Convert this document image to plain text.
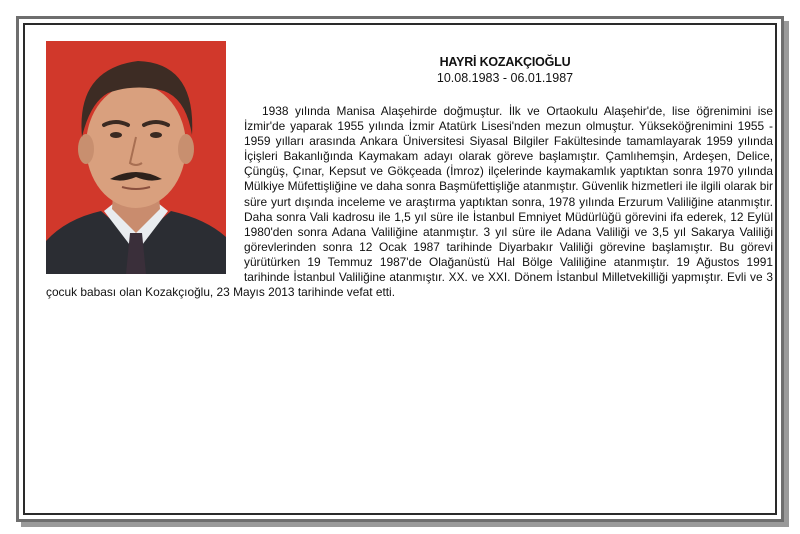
HAYRİ KOZAKÇIOĞLU
10.08.1983 - 06.01.1987
1938 yılında Manisa Alaşehirde doğmuştur. İlk ve Ortaokulu Alaşehir'de, lise öğrenimini ise İzmir'de yaparak 1955 yılında İzmir Atatürk Lisesi'nden mezun olmuştur. Yükseköğrenimini 1955 - 1959 yılları arasında Ankara Üniversitesi Siyasal Bilgiler Fakültesinde tamamlayarak 1959 yılında İçişleri Bakanlığında Kaymakam adayı olarak göreve başlamıştır. Çamlıhemşin, Ardeşen, Delice, Çüngüş, Çınar, Kepsut ve Gökçeada (İmroz) ilçelerinde kaymakamlık yaptıktan sonra 1970 yılında Mülkiye Müfettişliğine ve daha sonra Başmüfettişliğe atanmıştır. Güvenlik hizmetleri ile ilgili olarak bir süre yurt dışında inceleme ve araştırma yaptıktan sonra, 1978 yılında Erzurum Valiliğine atanmıştır. Daha sonra Vali kadrosu ile 1,5 yıl süre ile İstanbul Emniyet Müdürlüğü görevini ifa ederek, 12 Eylül 1980'den sonra Adana Valiliğine atanmıştır. 3 yıl süre ile Adana Valiliği ve 3,5 yıl Sakarya Valiliği görevlerinden sonra 12 Ocak 1987 tarihinde Diyarbakır Valiliği görevine başlamıştır. Bu görevi yürütürken 19 Temmuz 1987'de Olağanüstü Hal Bölge Valiliğine atanmıştır. 19 Ağustos 1991 tarihinde İstanbul Valiliğine atanmıştır. XX. ve XXI. Dönem İstanbul Milletvekilliği yapmıştır. Evli ve 3 çocuk babası olan Kozakçıoğlu, 23 Mayıs 2013 tarihinde vefat etti.
